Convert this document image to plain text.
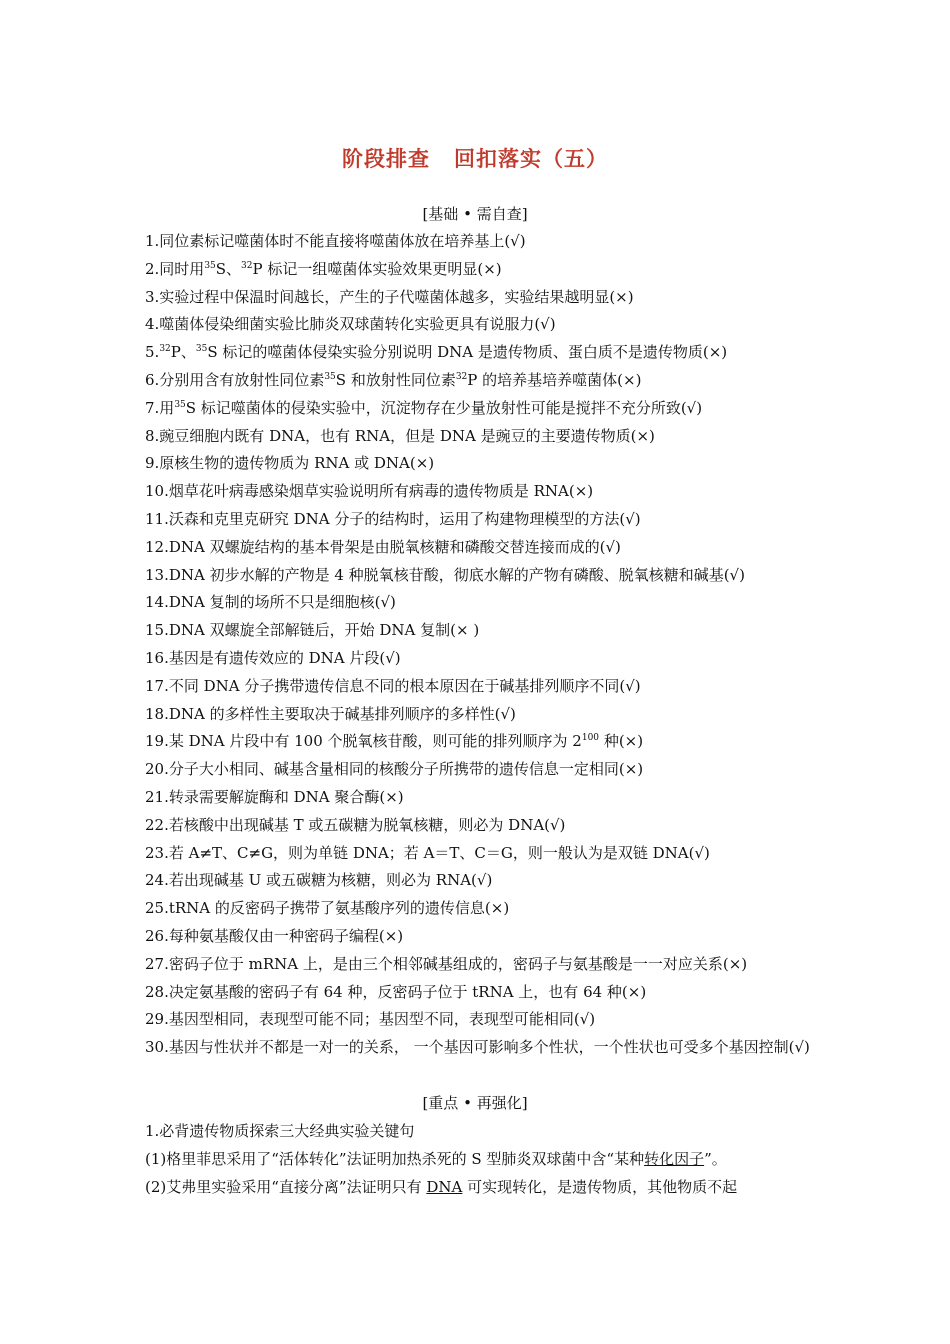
阶段排查 回扣落实（五）
[基础 • 需自查]
1.同位素标记噬菌体时不能直接将噬菌体放在培养基上(√)
2.同时用$^{35}$S、$^{32}$P 标记一组噬菌体实验效果更明显(×)
3.实验过程中保温时间越长，产生的子代噬菌体越多，实验结果越明显(×)
4.噬菌体侵染细菌实验比肺炎双球菌转化实验更具有说服力(√)
5.32P、$^{35}$S 标记的噬菌体侵染实验分别说明 DNA 是遗传物质、蛋白质不是遗传物质(×)
6.分别用含有放射性同位素$^{35}$S 和放射性同位素$^{32}$P 的培养基培养噬菌体(×)
7.用$^{35}$S 标记噬菌体的侵染实验中，沉淀物存在少量放射性可能是搅拌不充分所致(√)
8.豌豆细胞内既有 DNA，也有 RNA，但是 DNA 是豌豆的主要遗传物质(×)
9.原核生物的遗传物质为 RNA 或 DNA(×)
10.烟草花叶病毒感染烟草实验说明所有病毒的遗传物质是 RNA(×)
11.沃森和克里克研究 DNA 分子的结构时，运用了构建物理模型的方法(√)
12.DNA 双螺旋结构的基本骨架是由脱氧核糖和磷酸交替连接而成的(√)
13.DNA 初步水解的产物是 4 种脱氧核苷酸，彻底水解的产物有磷酸、脱氧核糖和碱基(√)
14.DNA 复制的场所不只是细胞核(√)
15.DNA 双螺旋全部解链后，开始 DNA 复制(× )
16.基因是有遗传效应的 DNA 片段(√)
17.不同 DNA 分子携带遗传信息不同的根本原因在于碱基排列顺序不同(√)
18.DNA 的多样性主要取决于碱基排列顺序的多样性(√)
19.某 DNA 片段中有 100 个脱氧核苷酸，则可能的排列顺序为 $2^{100}$ 种(×)
20.分子大小相同、碱基含量相同的核酸分子所携带的遗传信息一定相同(×)
21.转录需要解旋酶和 DNA 聚合酶(×)
22.若核酸中出现碱基 T 或五碳糖为脱氧核糖，则必为 DNA(√)
23.若 A≠T、C≠G，则为单链 DNA；若 A＝T、C＝G，则一般认为是双链 DNA(√)
24.若出现碱基 U 或五碳糖为核糖，则必为 RNA(√)
25.tRNA 的反密码子携带了氨基酸序列的遗传信息(×)
26.每种氨基酸仅由一种密码子编程(×)
27.密码子位于 mRNA 上，是由三个相邻碱基组成的，密码子与氨基酸是一一对应关系(×)
28.决定氨基酸的密码子有 64 种，反密码子位于 tRNA 上，也有 64 种(×)
29.基因型相同，表现型可能不同；基因型不同，表现型可能相同(√)
30.基因与性状并不都是一对一的关系， 一个基因可影响多个性状，一个性状也可受多个基因控制(√)
[重点 • 再强化]
1.必背遗传物质探索三大经典实验关键句
(1)格里菲思采用了“活体转化”法证明加热杀死的 S 型肺炎双球菌中含“某种转化因子”。
(2)艾弗里实验采用“直接分离”法证明只有 DNA 可实现转化，是遗传物质，其他物质不起
